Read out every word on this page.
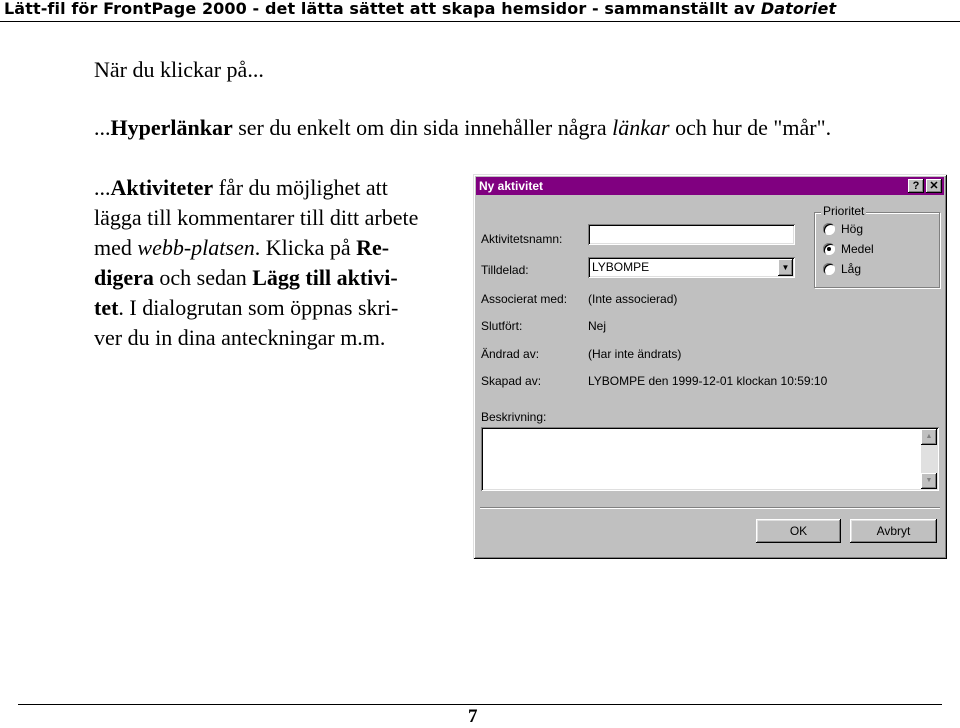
Lätt-fil för FrontPage 2000 - det lätta sättet att skapa hemsidor - sammanställt av Datoriet
När du klickar på...
...Hyperlänkar ser du enkelt om din sida innehåller några länkar och hur de "mår".
...Aktiviteter får du möjlighet att
lägga till kommentarer till ditt arbete
med webb-platsen. Klicka på Re-
digera och sedan Lägg till aktivi-
tet. I dialogrutan som öppnas skri-
ver du in dina anteckningar m.m.
Ny aktivitet	? ✕
Aktivitetsnamn:
Tilldelad:	LYBOMPE	▼
Associerat med: (Inte associerad)
Slutfört:	Nej
Ändrad av:	(Har inte ändrats)
Skapad av:	LYBOMPE den 1999-12-01 klockan 10:59:10
Prioritet
Hög
Medel
Låg
Beskrivning:
▲
▼
OK	Avbryt
7
